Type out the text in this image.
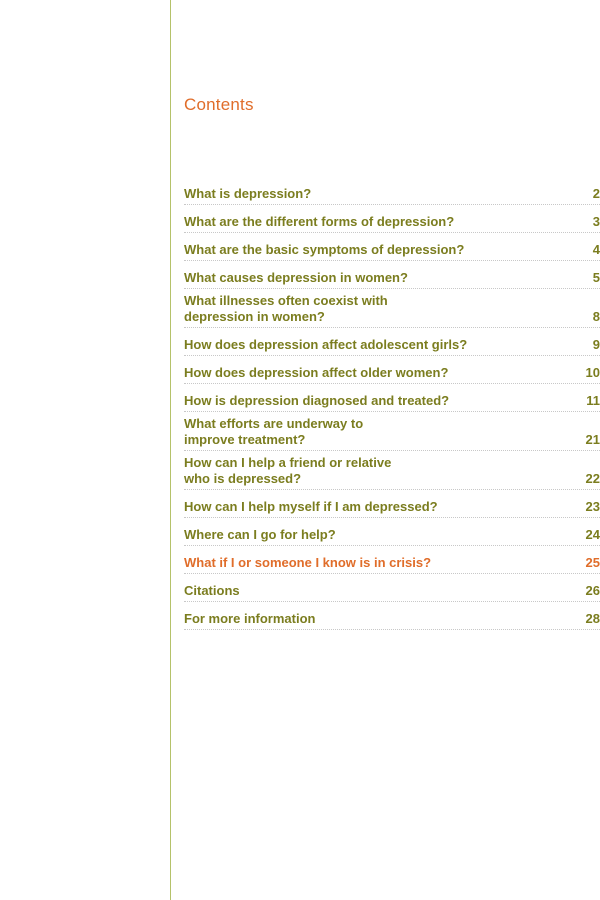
Contents
What is depression?	2
What are the different forms of depression?	3
What are the basic symptoms of depression?	4
What causes depression in women?	5
What illnesses often coexist with
depression in women?	8
How does depression affect adolescent girls?	9
How does depression affect older women?	10
How is depression diagnosed and treated?	11
What efforts are underway to
improve treatment?	21
How can I help a friend or relative
who is depressed?	22
How can I help myself if I am depressed?	23
Where can I go for help?	24
What if I or someone I know is in crisis?	25
Citations	26
For more information	28
